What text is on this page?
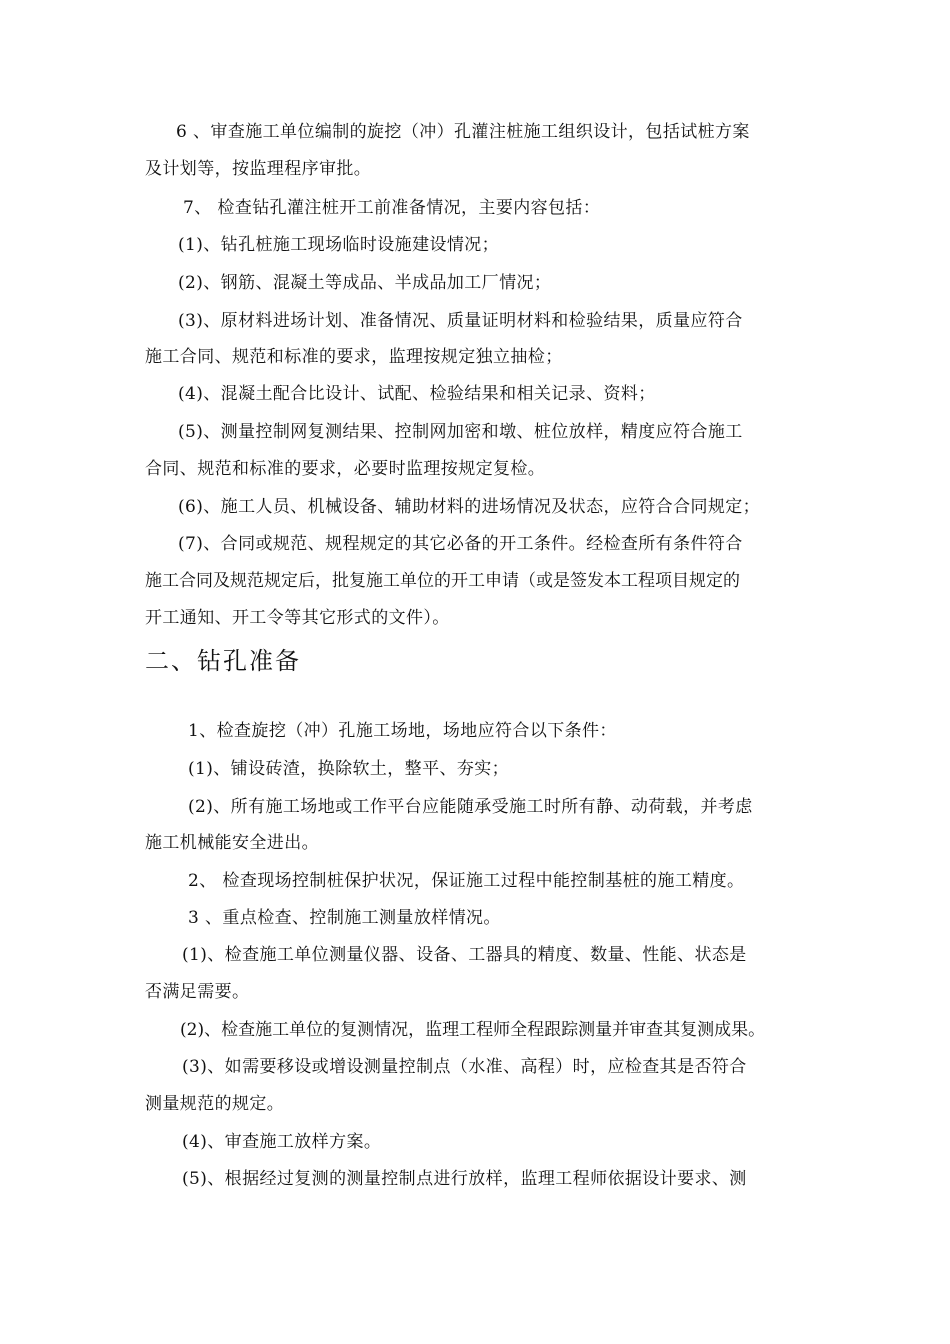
6 、审查施工单位编制的旋挖（冲）孔灌注桩施工组织设计，包括试桩方案
及计划等，按监理程序审批。
7、 检查钻孔灌注桩开工前准备情况，主要内容包括：
(1)、钻孔桩施工现场临时设施建设情况；
(2)、钢筋、混凝土等成品、半成品加工厂情况；
(3)、原材料进场计划、准备情况、质量证明材料和检验结果，质量应符合
施工合同、规范和标准的要求，监理按规定独立抽检；
(4)、混凝土配合比设计、试配、检验结果和相关记录、资料；
(5)、测量控制网复测结果、控制网加密和墩、桩位放样，精度应符合施工
合同、规范和标准的要求，必要时监理按规定复检。
(6)、施工人员、机械设备、辅助材料的进场情况及状态，应符合合同规定；
(7)、合同或规范、规程规定的其它必备的开工条件。经检查所有条件符合
施工合同及规范规定后，批复施工单位的开工申请（或是签发本工程项目规定的
开工通知、开工令等其它形式的文件）。
二、钻孔准备
1、检查旋挖（冲）孔施工场地，场地应符合以下条件：
(1)、铺设砖渣，换除软土，整平、夯实；
(2)、所有施工场地或工作平台应能随承受施工时所有静、动荷载，并考虑
施工机械能安全进出。
2、 检查现场控制桩保护状况，保证施工过程中能控制基桩的施工精度。
3 、重点检查、控制施工测量放样情况。
(1)、检查施工单位测量仪器、设备、工器具的精度、数量、性能、状态是
否满足需要。
(2)、检查施工单位的复测情况，监理工程师全程跟踪测量并审查其复测成果。
(3)、如需要移设或增设测量控制点（水准、高程）时，应检查其是否符合
测量规范的规定。
(4)、审查施工放样方案。
(5)、根据经过复测的测量控制点进行放样，监理工程师依据设计要求、测
